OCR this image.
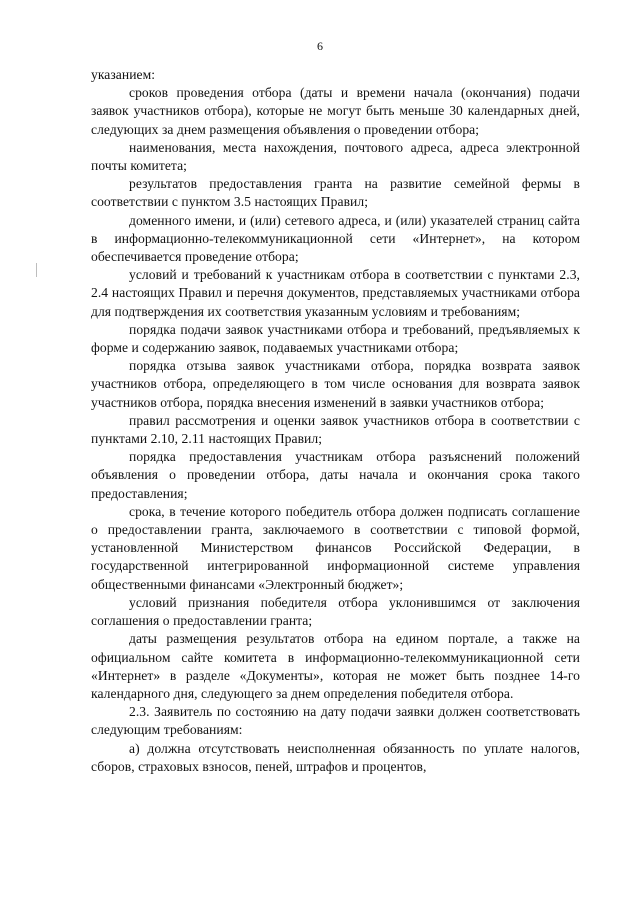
6

указанием:

сроков проведения отбора (даты и времени начала (окончания) подачи заявок участников отбора), которые не могут быть меньше 30 календарных дней, следующих за днем размещения объявления о проведении отбора;

наименования, места нахождения, почтового адреса, адреса электронной почты комитета;

результатов предоставления гранта на развитие семейной фермы в соответствии с пунктом 3.5 настоящих Правил;

доменного имени, и (или) сетевого адреса, и (или) указателей страниц сайта в информационно-телекоммуникационной сети «Интернет», на котором обеспечивается проведение отбора;

условий и требований к участникам отбора в соответствии с пунктами 2.3, 2.4 настоящих Правил и перечня документов, представляемых участниками отбора для подтверждения их соответствия указанным условиям и требованиям;

порядка подачи заявок участниками отбора и требований, предъявляемых к форме и содержанию заявок, подаваемых участниками отбора;

порядка отзыва заявок участниками отбора, порядка возврата заявок участников отбора, определяющего в том числе основания для возврата заявок участников отбора, порядка внесения изменений в заявки участников отбора;

правил рассмотрения и оценки заявок участников отбора в соответствии с пунктами 2.10, 2.11 настоящих Правил;

порядка предоставления участникам отбора разъяснений положений объявления о проведении отбора, даты начала и окончания срока такого предоставления;

срока, в течение которого победитель отбора должен подписать соглашение о предоставлении гранта, заключаемого в соответствии с типовой формой, установленной Министерством финансов Российской Федерации, в государственной интегрированной информационной системе управления общественными финансами «Электронный бюджет»;

условий признания победителя отбора уклонившимся от заключения соглашения о предоставлении гранта;

даты размещения результатов отбора на едином портале, а также на официальном сайте комитета в информационно-телекоммуникационной сети «Интернет» в разделе «Документы», которая не может быть позднее 14-го календарного дня, следующего за днем определения победителя отбора.

2.3. Заявитель по состоянию на дату подачи заявки должен соответствовать следующим требованиям:

а) должна отсутствовать неисполненная обязанность по уплате налогов, сборов, страховых взносов, пеней, штрафов и процентов,
